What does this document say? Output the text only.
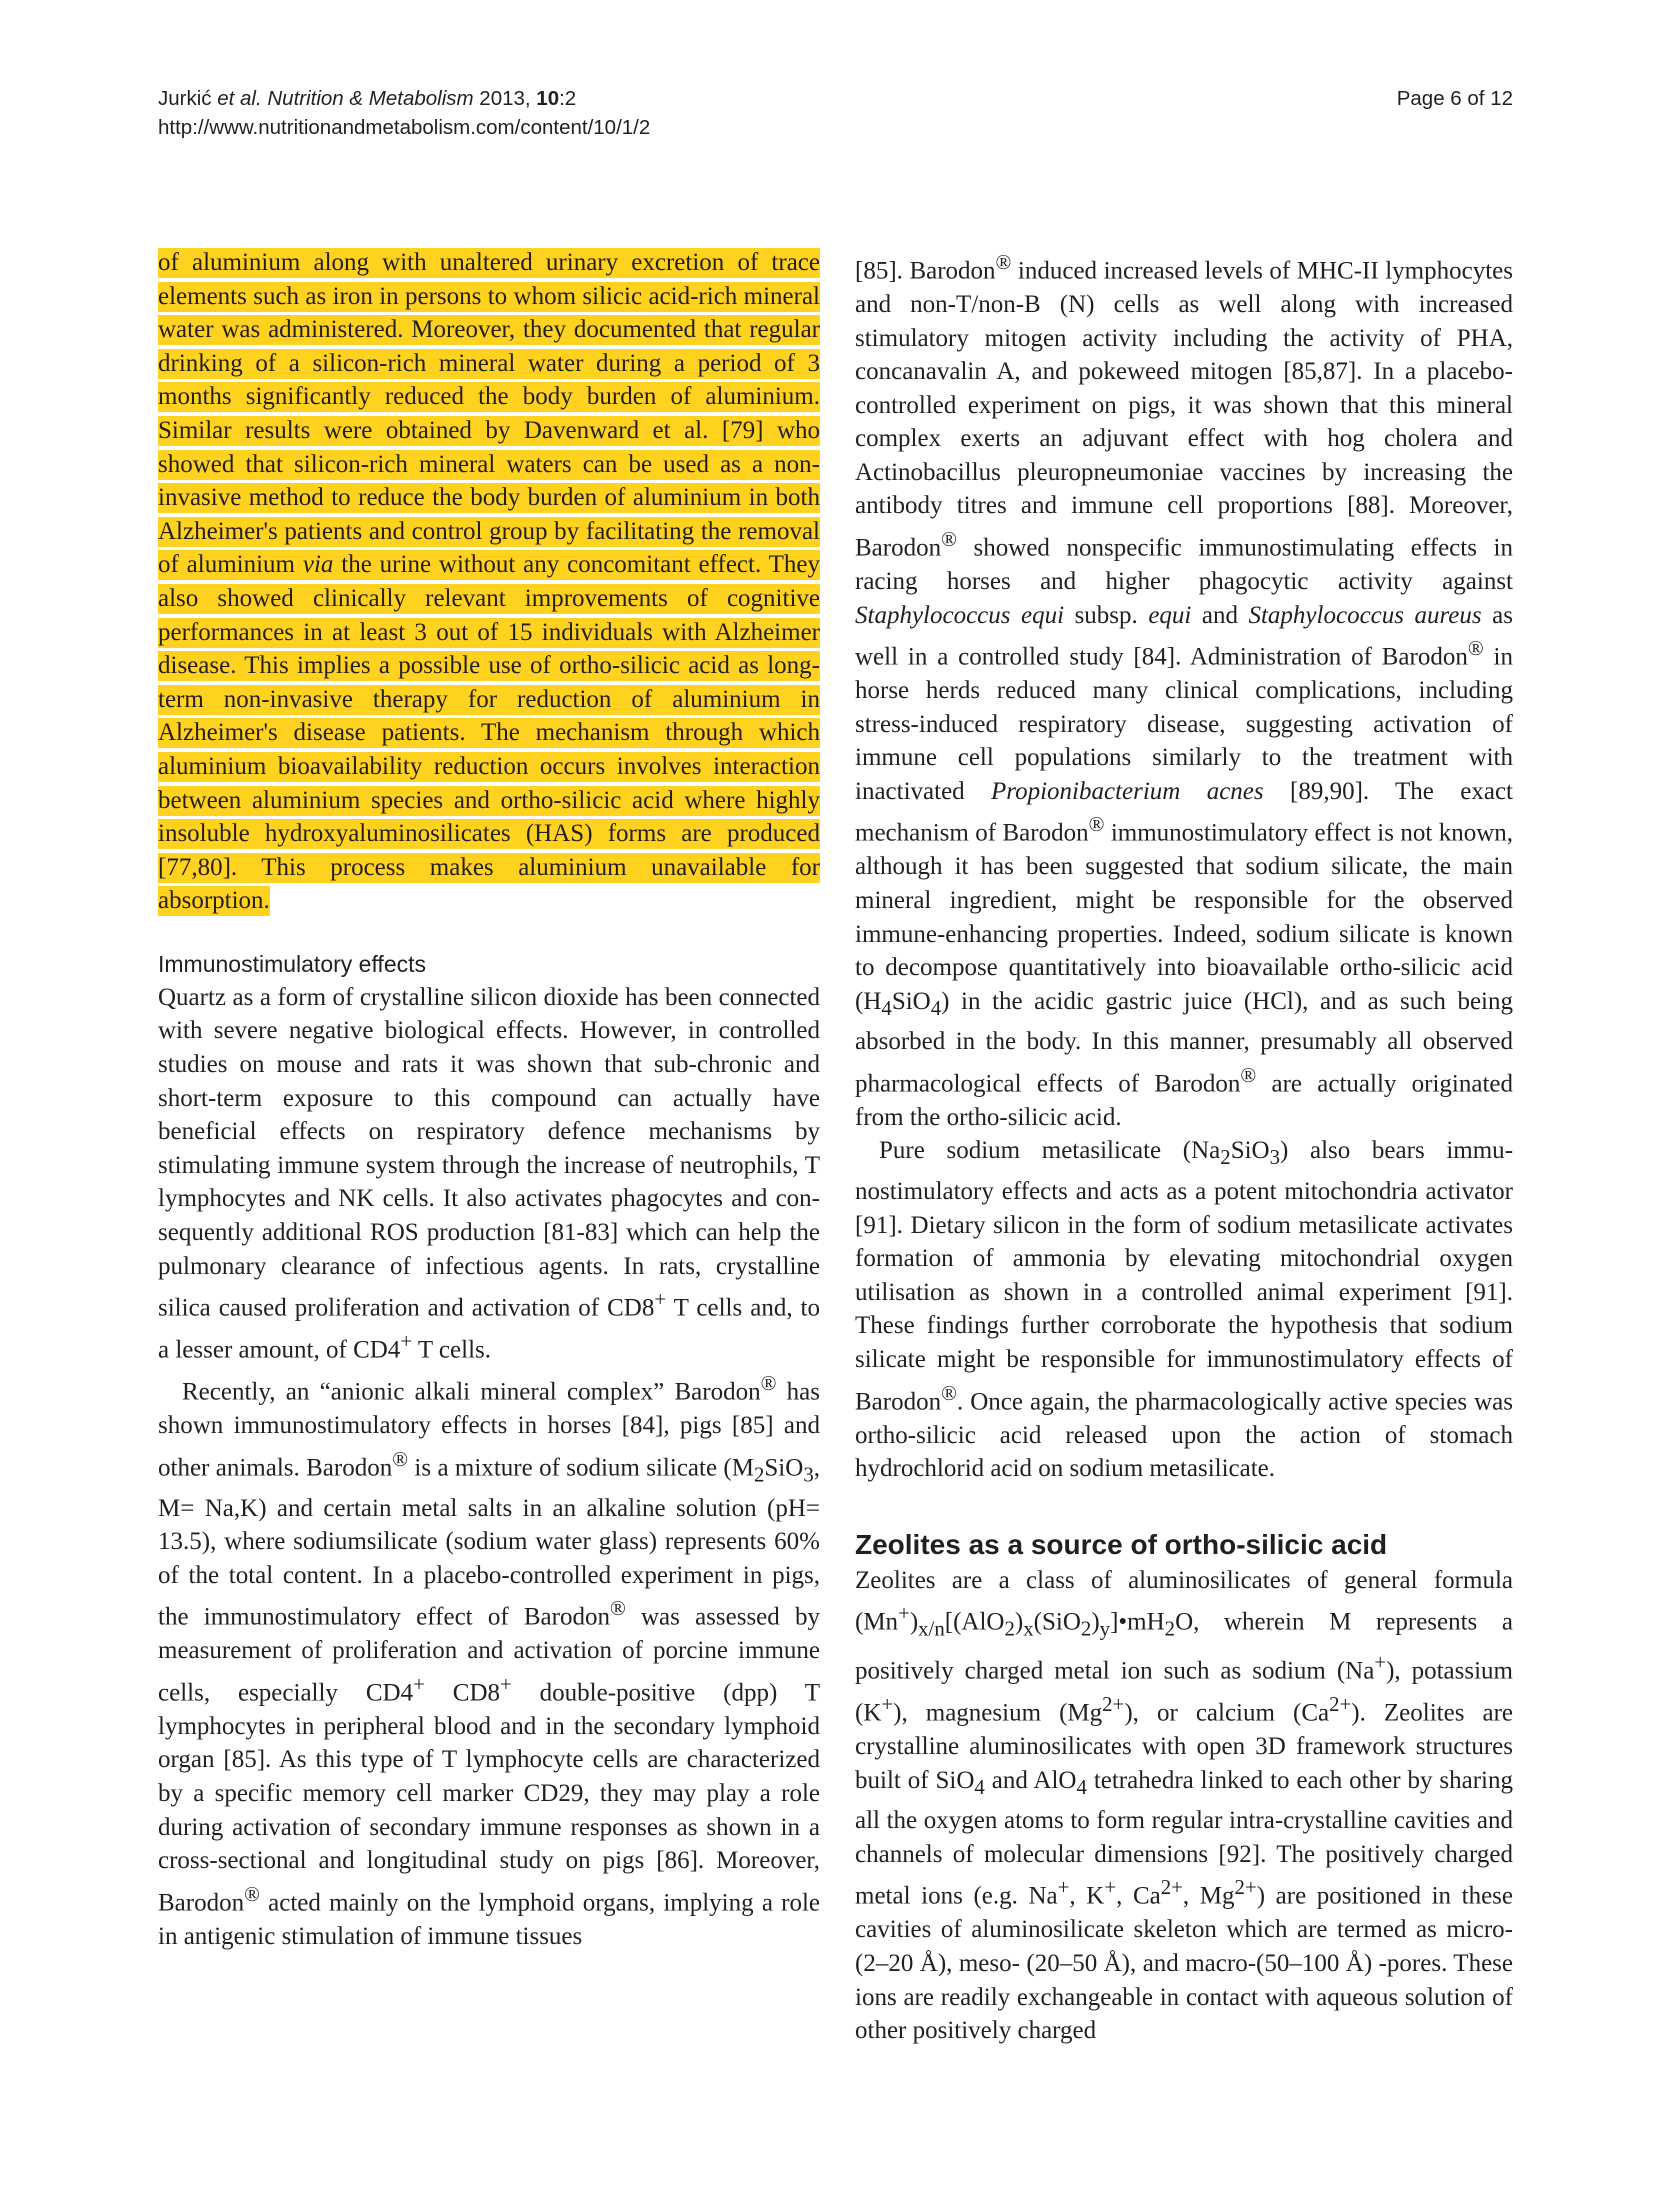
Jurkić et al. Nutrition & Metabolism 2013, 10:2
http://www.nutritionandmetabolism.com/content/10/1/2
Page 6 of 12

of aluminium along with unaltered urinary excretion of trace elements such as iron in persons to whom silicic acid-rich mineral water was administered. Moreover, they documented that regular drinking of a silicon-rich mineral water during a period of 3 months significantly reduced the body burden of aluminium. Similar results were obtained by Davenward et al. [79] who showed that silicon-rich mineral waters can be used as a non-invasive method to reduce the body burden of aluminium in both Alzheimer's patients and control group by facilitating the removal of aluminium via the urine without any concomitant effect. They also showed clinically relevant improvements of cognitive performances in at least 3 out of 15 individuals with Alzheimer disease. This implies a possible use of ortho-silicic acid as long-term non-invasive therapy for reduction of aluminium in Alzheimer's disease patients. The mechanism through which aluminium bioavailability reduction occurs involves interaction between aluminium species and ortho-silicic acid where highly insoluble hydroxyaluminosilicates (HAS) forms are produced [77,80]. This process makes aluminium unavailable for absorption.

Immunostimulatory effects

Quartz as a form of crystalline silicon dioxide has been connected with severe negative biological effects. However, in controlled studies on mouse and rats it was shown that sub-chronic and short-term exposure to this compound can actually have beneficial effects on respiratory defence mechanisms by stimulating immune system through the increase of neutrophils, T lymphocytes and NK cells. It also activates phagocytes and consequently additional ROS production [81-83] which can help the pulmonary clearance of infectious agents. In rats, crystalline silica caused proliferation and activation of CD8+ T cells and, to a lesser amount, of CD4+ T cells.

Recently, an “anionic alkali mineral complex” Barodon® has shown immunostimulatory effects in horses [84], pigs [85] and other animals. Barodon® is a mixture of sodium silicate ($M_2SiO_3$, M= Na,K) and certain metal salts in an alkaline solution (pH= 13.5), where sodiumsilicate (sodium water glass) represents 60% of the total content. In a placebo-controlled experiment in pigs, the immunostimulatory effect of Barodon® was assessed by measurement of proliferation and activation of porcine immune cells, especially CD4+ CD8+ double-positive (dpp) T lymphocytes in peripheral blood and in the secondary lymphoid organ [85]. As this type of T lymphocyte cells are characterized by a specific memory cell marker CD29, they may play a role during activation of secondary immune responses as shown in a cross-sectional and longitudinal study on pigs [86]. Moreover, Barodon® acted mainly on the lymphoid organs, implying a role in antigenic stimulation of immune tissues

[85]. Barodon® induced increased levels of MHC-II lymphocytes and non-T/non-B (N) cells as well along with increased stimulatory mitogen activity including the activity of PHA, concanavalin A, and pokeweed mitogen [85,87]. In a placebo-controlled experiment on pigs, it was shown that this mineral complex exerts an adjuvant effect with hog cholera and Actinobacillus pleuropneumoniae vaccines by increasing the antibody titres and immune cell proportions [88]. Moreover, Barodon® showed nonspecific immunostimulating effects in racing horses and higher phagocytic activity against Staphylococcus equi subsp. equi and Staphylococcus aureus as well in a controlled study [84]. Administration of Barodon® in horse herds reduced many clinical complications, including stress-induced respiratory disease, suggesting activation of immune cell populations similarly to the treatment with inactivated Propionibacterium acnes [89,90]. The exact mechanism of Barodon® immunostimulatory effect is not known, although it has been suggested that sodium silicate, the main mineral ingredient, might be responsible for the observed immune-enhancing properties. Indeed, sodium silicate is known to decompose quantitatively into bioavailable ortho-silicic acid $(H_4SiO_4)$ in the acidic gastric juice (HCl), and as such being absorbed in the body. In this manner, presumably all observed pharmacological effects of Barodon® are actually originated from the ortho-silicic acid.

Pure sodium metasilicate $(Na_2SiO_3)$ also bears immunostimulatory effects and acts as a potent mitochondria activator [91]. Dietary silicon in the form of sodium metasilicate activates formation of ammonia by elevating mitochondrial oxygen utilisation as shown in a controlled animal experiment [91]. These findings further corroborate the hypothesis that sodium silicate might be responsible for immunostimulatory effects of Barodon®. Once again, the pharmacologically active species was ortho-silicic acid released upon the action of stomach hydrochlorid acid on sodium metasilicate.

Zeolites as a source of ortho-silicic acid

Zeolites are a class of aluminosilicates of general formula $(Mn^+)_{x/n}[(AlO_2)_x(SiO_2)_y]•mH_2O$, wherein M represents a positively charged metal ion such as sodium (Na+), potassium (K+), magnesium $(Mg^{2+})$, or calcium $(Ca^{2+})$. Zeolites are crystalline aluminosilicates with open 3D framework structures built of SiO$_4$ and AlO$_4$ tetrahedra linked to each other by sharing all the oxygen atoms to form regular intra-crystalline cavities and channels of molecular dimensions [92]. The positively charged metal ions (e.g. Na+, K+, $Ca^{2+}$, $Mg^{2+}$) are positioned in these cavities of aluminosilicate skeleton which are termed as micro- (2–20 Å), meso- (20–50 Å), and macro-(50–100 Å) -pores. These ions are readily exchangeable in contact with aqueous solution of other positively charged
